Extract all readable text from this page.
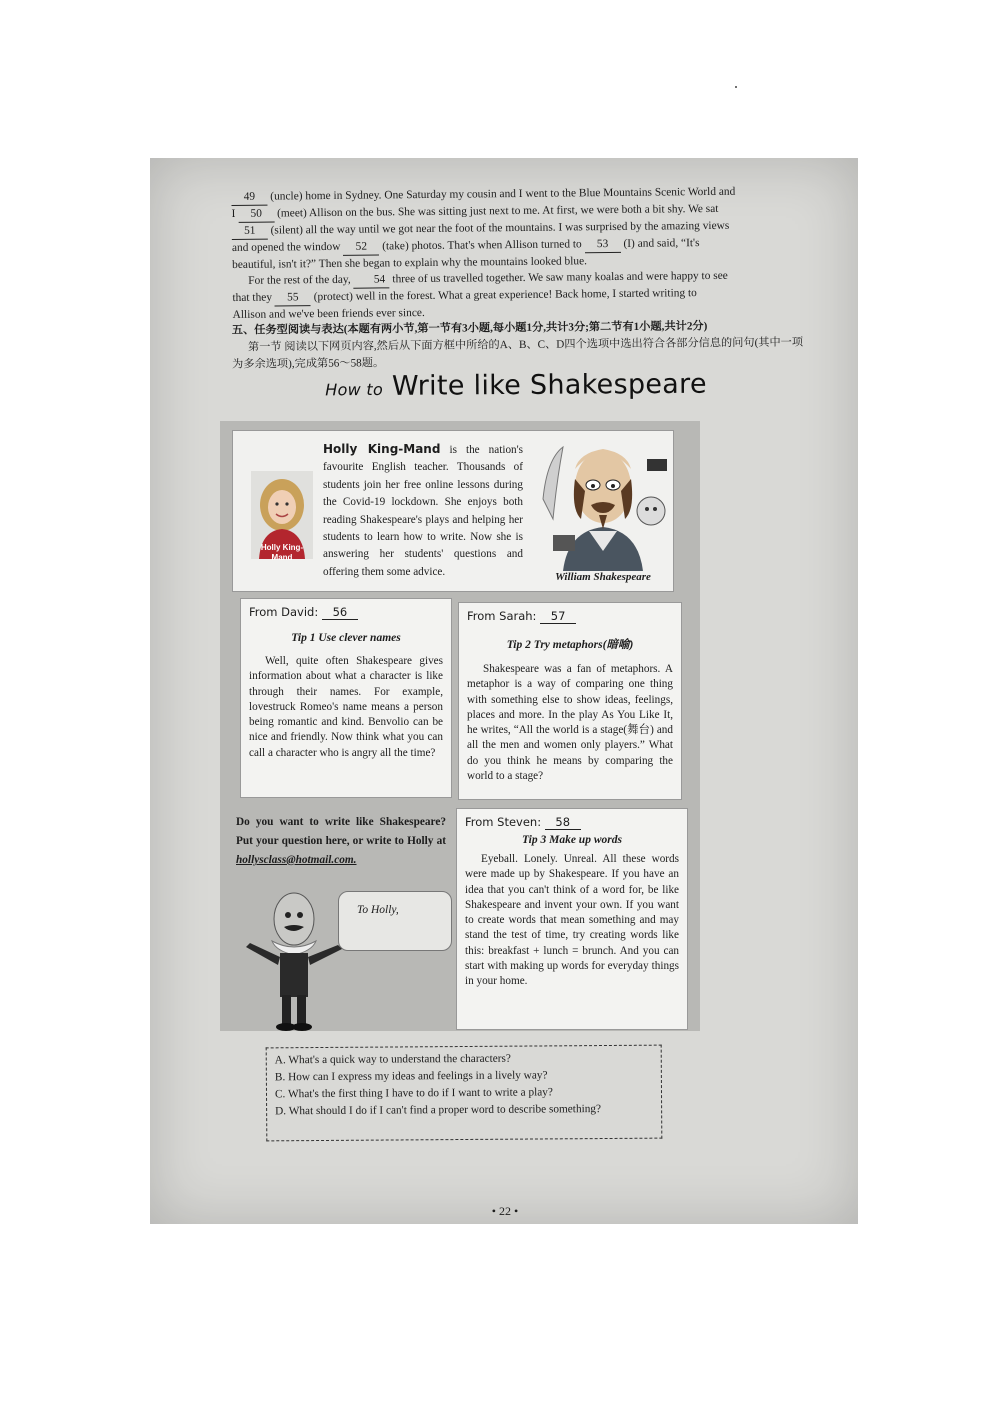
49 (uncle) home in Sydney. One Saturday my cousin and I went to the Blue Mountains Scenic World and

I 50 (meet) Allison on the bus. She was sitting just next to me. At first, we were both a bit shy. We sat

51 (silent) all the way until we got near the foot of the mountains. I was surprised by the amazing views

and opened the window 52 (take) photos. That's when Allison turned to 53 (I) and said, “It's

beautiful, isn't it?” Then she began to explain why the mountains looked blue.

For the rest of the day, 54 three of us travelled together. We saw many koalas and were happy to see

that they 55 (protect) well in the forest. What a great experience! Back home, I started writing to

Allison and we've been friends ever since.

五、任务型阅读与表达(本题有两小节,第一节有3小题,每小题1分,共计3分;第二节有1小题,共计2分)
第一节 阅读以下网页内容,然后从下面方框中所给的A、B、C、D四个选项中选出符合各部分信息的问句(其中一项为多余选项),完成第56～58题。
How to Write like Shakespeare
Holly King-Mand
Holly King-Mand is the nation's favourite English teacher. Thousands of students join her free online lessons during the Covid-19 lockdown. She enjoys both reading Shakespeare's plays and helping her students to learn how to write. Now she is answering her students' questions and offering them some advice.	William Shakespeare
From David: 56
Tip 1 Use clever names
Well, quite often Shakespeare gives information about what a character is like through their names. For example, lovestruck Romeo's name means a person being romantic and kind. Benvolio can be nice and friendly. Now think what you can call a character who is angry all the time?
From Sarah: 57
Tip 2 Try metaphors(暗喻)
Shakespeare was a fan of metaphors. A metaphor is a way of comparing one thing with something else to show ideas, feelings, places and more. In the play As You Like It, he writes, “All the world is a stage(舞台) and all the men and women only players.” What do you think he means by comparing the world to a stage?
Do you want to write like Shakespeare? Put your question here, or write to Holly at hollysclass@hotmail.com.
To Holly,
From Steven: 58
Tip 3 Make up words
Eyeball. Lonely. Unreal. All these words were made up by Shakespeare. If you have an idea that you can't think of a word for, be like Shakespeare and invent your own. If you want to create words that mean something and may stand the test of time, try creating words like this: breakfast + lunch = brunch. And you can start with making up words for everyday things in your home.

A. What's a quick way to understand the characters?
B. How can I express my ideas and feelings in a lively way?
C. What's the first thing I have to do if I want to write a play?
D. What should I do if I can't find a proper word to describe something?
• 22 •
